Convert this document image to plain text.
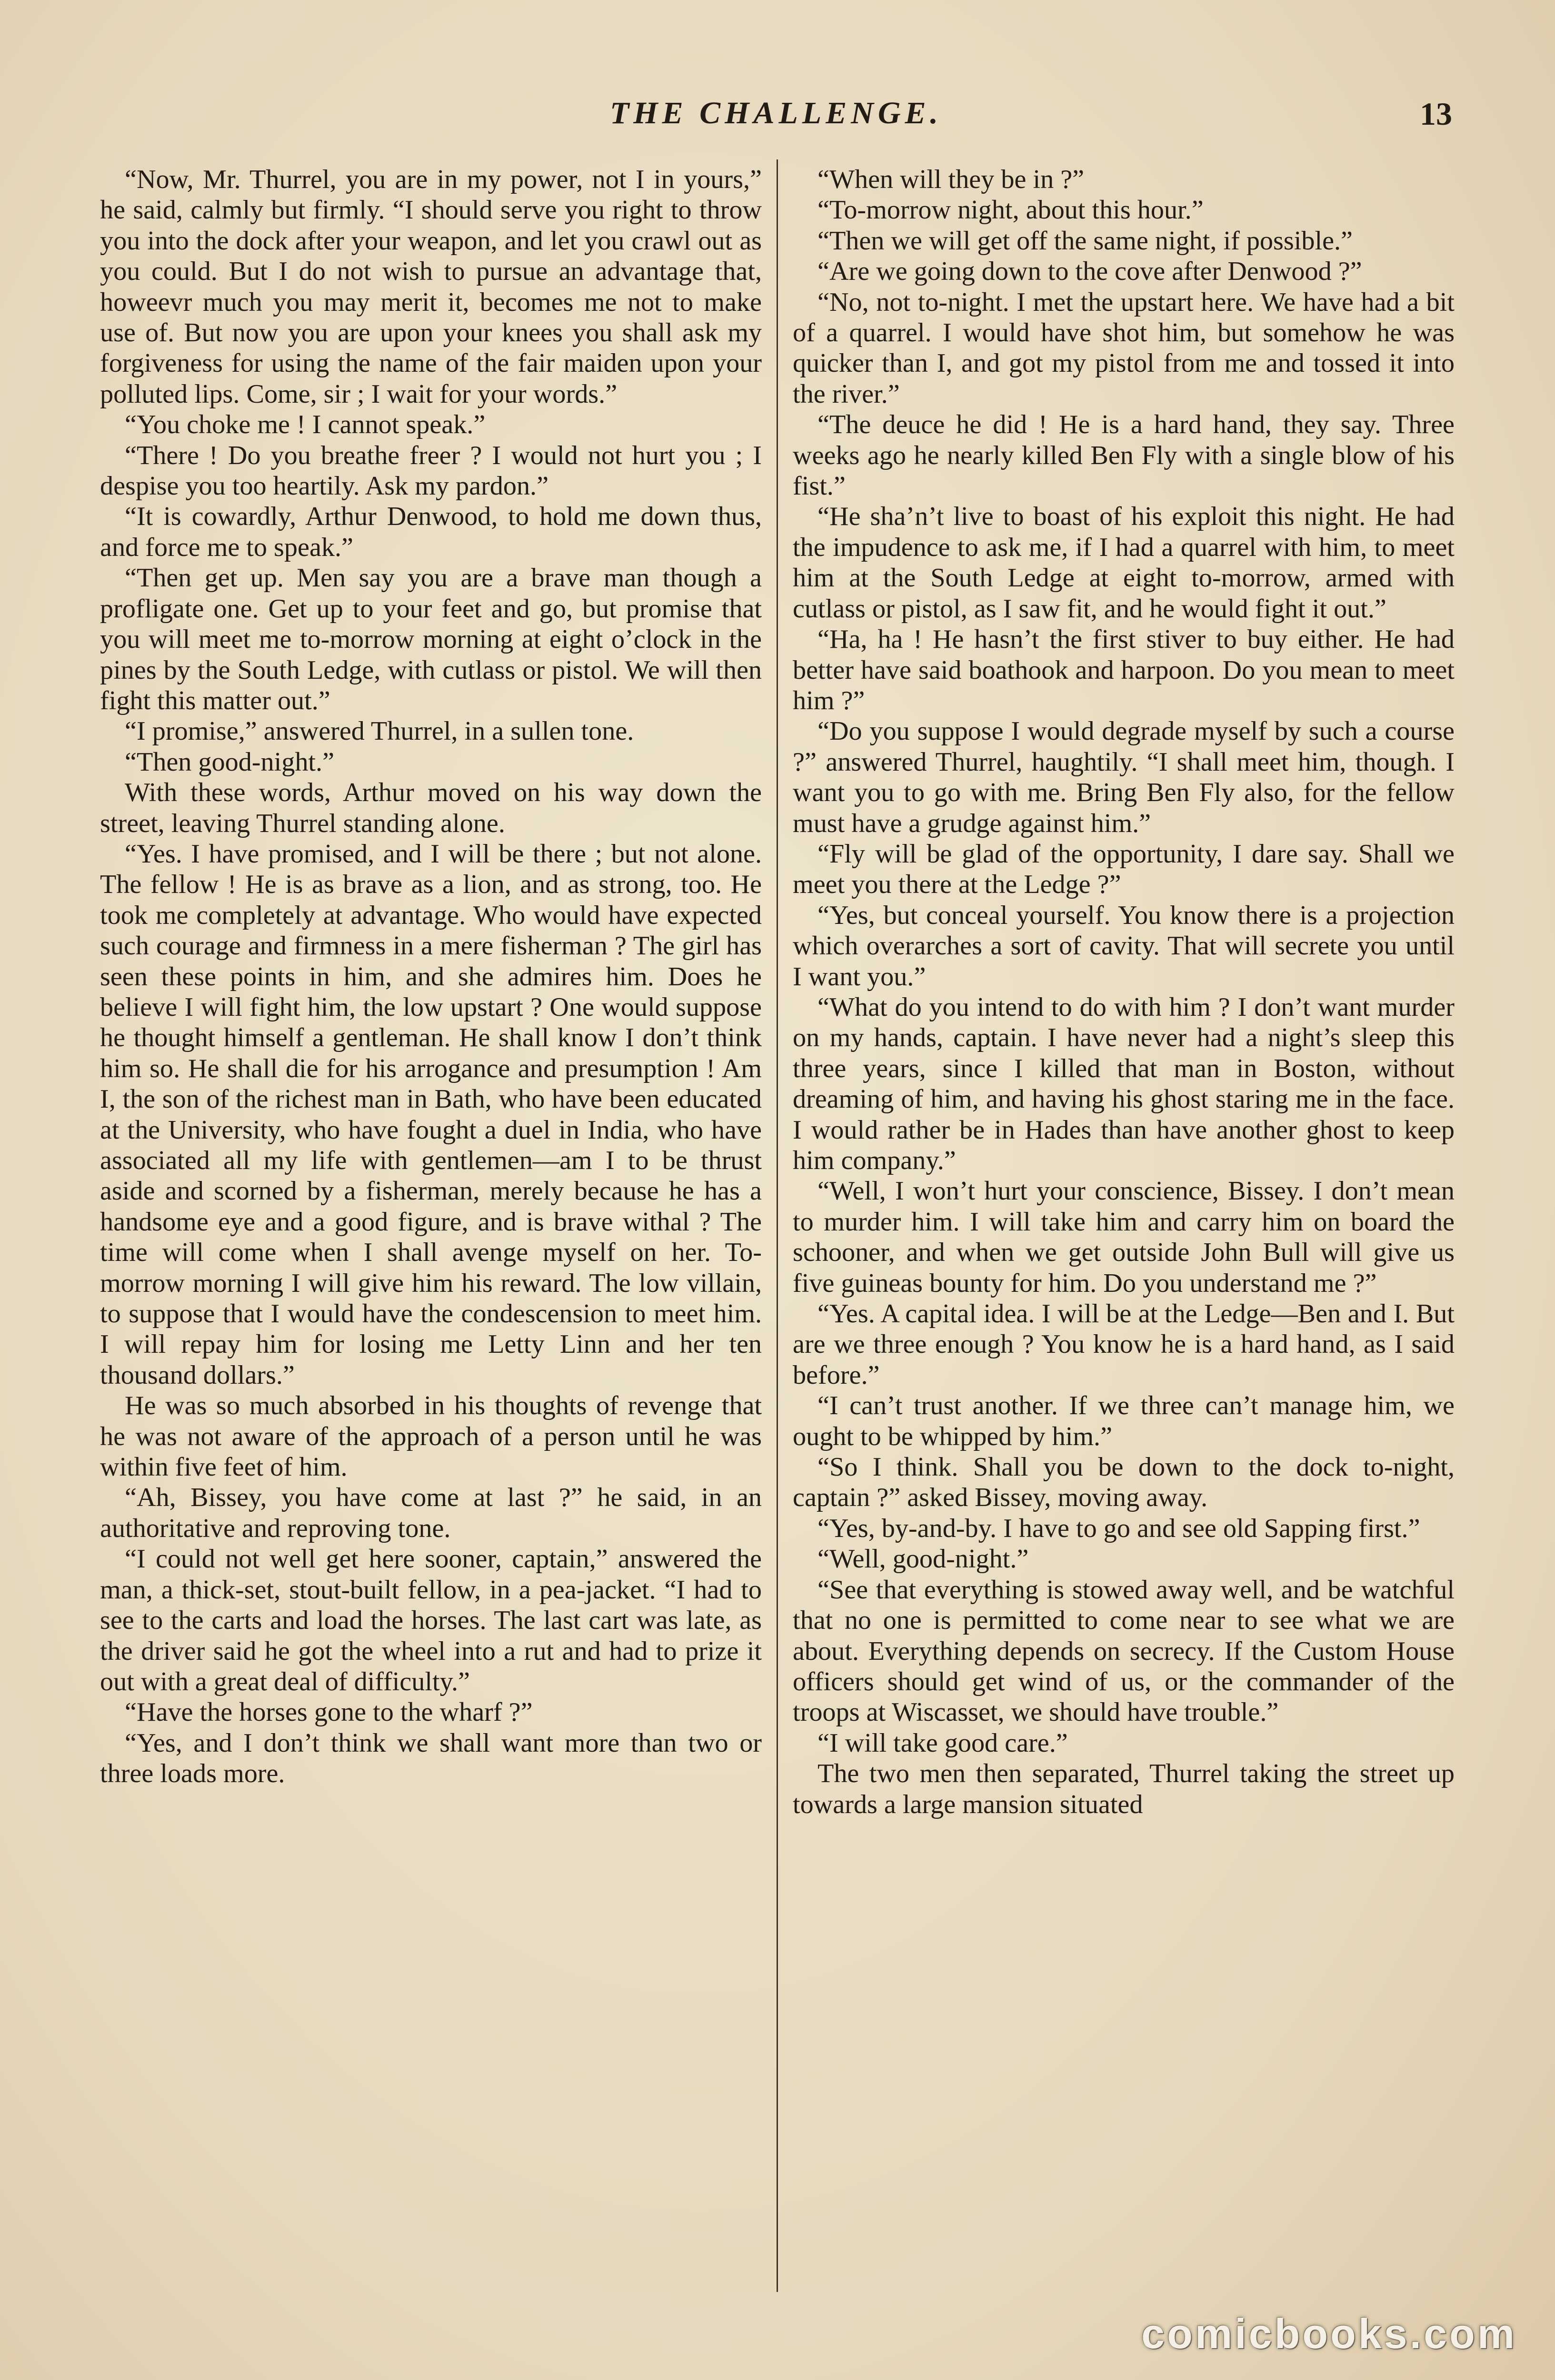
THE CHALLENGE.	13

“Now, Mr. Thurrel, you are in my power, not I in yours,” he said, calmly but firmly. “I should serve you right to throw you into the dock after your weapon, and let you crawl out as you could. But I do not wish to pursue an advantage that, howeevr much you may merit it, becomes me not to make use of. But now you are upon your knees you shall ask my forgiveness for using the name of the fair maiden upon your polluted lips. Come, sir ; I wait for your words.”

“You choke me ! I cannot speak.”

“There ! Do you breathe freer ? I would not hurt you ; I despise you too heartily. Ask my pardon.”

“It is cowardly, Arthur Denwood, to hold me down thus, and force me to speak.”

“Then get up. Men say you are a brave man though a profligate one. Get up to your feet and go, but promise that you will meet me to-morrow morning at eight o’clock in the pines by the South Ledge, with cutlass or pistol. We will then fight this matter out.”

“I promise,” answered Thurrel, in a sullen tone.

“Then good-night.”

With these words, Arthur moved on his way down the street, leaving Thurrel standing alone.

“Yes. I have promised, and I will be there ; but not alone. The fellow ! He is as brave as a lion, and as strong, too. He took me completely at advantage. Who would have expected such courage and firmness in a mere fisherman ? The girl has seen these points in him, and she admires him. Does he believe I will fight him, the low upstart ? One would suppose he thought himself a gentleman. He shall know I don’t think him so. He shall die for his arrogance and presumption ! Am I, the son of the richest man in Bath, who have been educated at the University, who have fought a duel in India, who have associated all my life with gentlemen—am I to be thrust aside and scorned by a fisherman, merely because he has a handsome eye and a good figure, and is brave withal ? The time will come when I shall avenge myself on her. To-morrow morning I will give him his reward. The low villain, to suppose that I would have the condescension to meet him. I will repay him for losing me Letty Linn and her ten thousand dollars.”

He was so much absorbed in his thoughts of revenge that he was not aware of the approach of a person until he was within five feet of him.

“Ah, Bissey, you have come at last ?” he said, in an authoritative and reproving tone.

“I could not well get here sooner, captain,” answered the man, a thick-set, stout-built fellow, in a pea-jacket. “I had to see to the carts and load the horses. The last cart was late, as the driver said he got the wheel into a rut and had to prize it out with a great deal of difficulty.”

“Have the horses gone to the wharf ?”

“Yes, and I don’t think we shall want more than two or three loads more.

“When will they be in ?”

“To-morrow night, about this hour.”

“Then we will get off the same night, if possible.”

“Are we going down to the cove after Denwood ?”

“No, not to-night. I met the upstart here. We have had a bit of a quarrel. I would have shot him, but somehow he was quicker than I, and got my pistol from me and tossed it into the river.”

“The deuce he did ! He is a hard hand, they say. Three weeks ago he nearly killed Ben Fly with a single blow of his fist.”

“He sha’n’t live to boast of his exploit this night. He had the impudence to ask me, if I had a quarrel with him, to meet him at the South Ledge at eight to-morrow, armed with cutlass or pistol, as I saw fit, and he would fight it out.”

“Ha, ha ! He hasn’t the first stiver to buy either. He had better have said boathook and harpoon. Do you mean to meet him ?”

“Do you suppose I would degrade myself by such a course ?” answered Thurrel, haughtily. “I shall meet him, though. I want you to go with me. Bring Ben Fly also, for the fellow must have a grudge against him.”

“Fly will be glad of the opportunity, I dare say. Shall we meet you there at the Ledge ?”

“Yes, but conceal yourself. You know there is a projection which overarches a sort of cavity. That will secrete you until I want you.”

“What do you intend to do with him ? I don’t want murder on my hands, captain. I have never had a night’s sleep this three years, since I killed that man in Boston, without dreaming of him, and having his ghost staring me in the face. I would rather be in Hades than have another ghost to keep him company.”

“Well, I won’t hurt your conscience, Bissey. I don’t mean to murder him. I will take him and carry him on board the schooner, and when we get outside John Bull will give us five guineas bounty for him. Do you understand me ?”

“Yes. A capital idea. I will be at the Ledge—Ben and I. But are we three enough ? You know he is a hard hand, as I said before.”

“I can’t trust another. If we three can’t manage him, we ought to be whipped by him.”

“So I think. Shall you be down to the dock to-night, captain ?” asked Bissey, moving away.

“Yes, by-and-by. I have to go and see old Sapping first.”

“Well, good-night.”

“See that everything is stowed away well, and be watchful that no one is permitted to come near to see what we are about. Everything depends on secrecy. If the Custom House officers should get wind of us, or the commander of the troops at Wiscasset, we should have trouble.”

“I will take good care.”

The two men then separated, Thurrel taking the street up towards a large mansion situated

comicbooks.com
